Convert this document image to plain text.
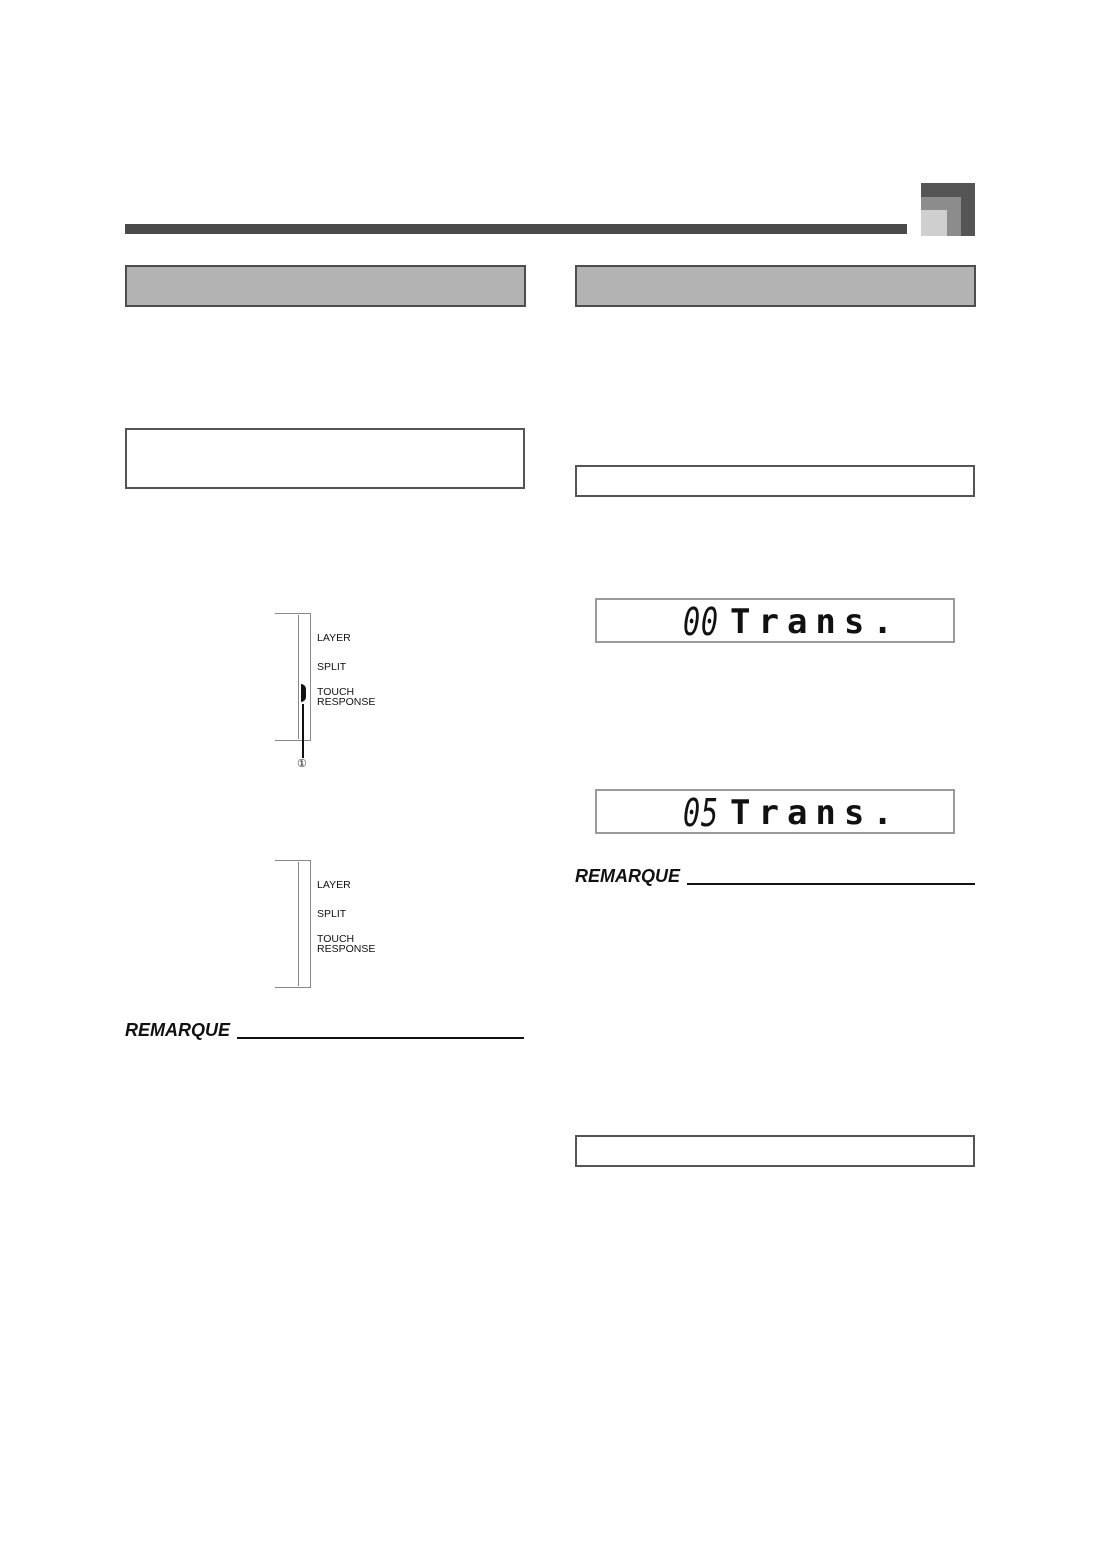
LAYER
SPLIT
TOUCH
RESPONSE
①
LAYER
SPLIT
TOUCH
RESPONSE
REMARQUE
00 Trans.
05 Trans.
REMARQUE
